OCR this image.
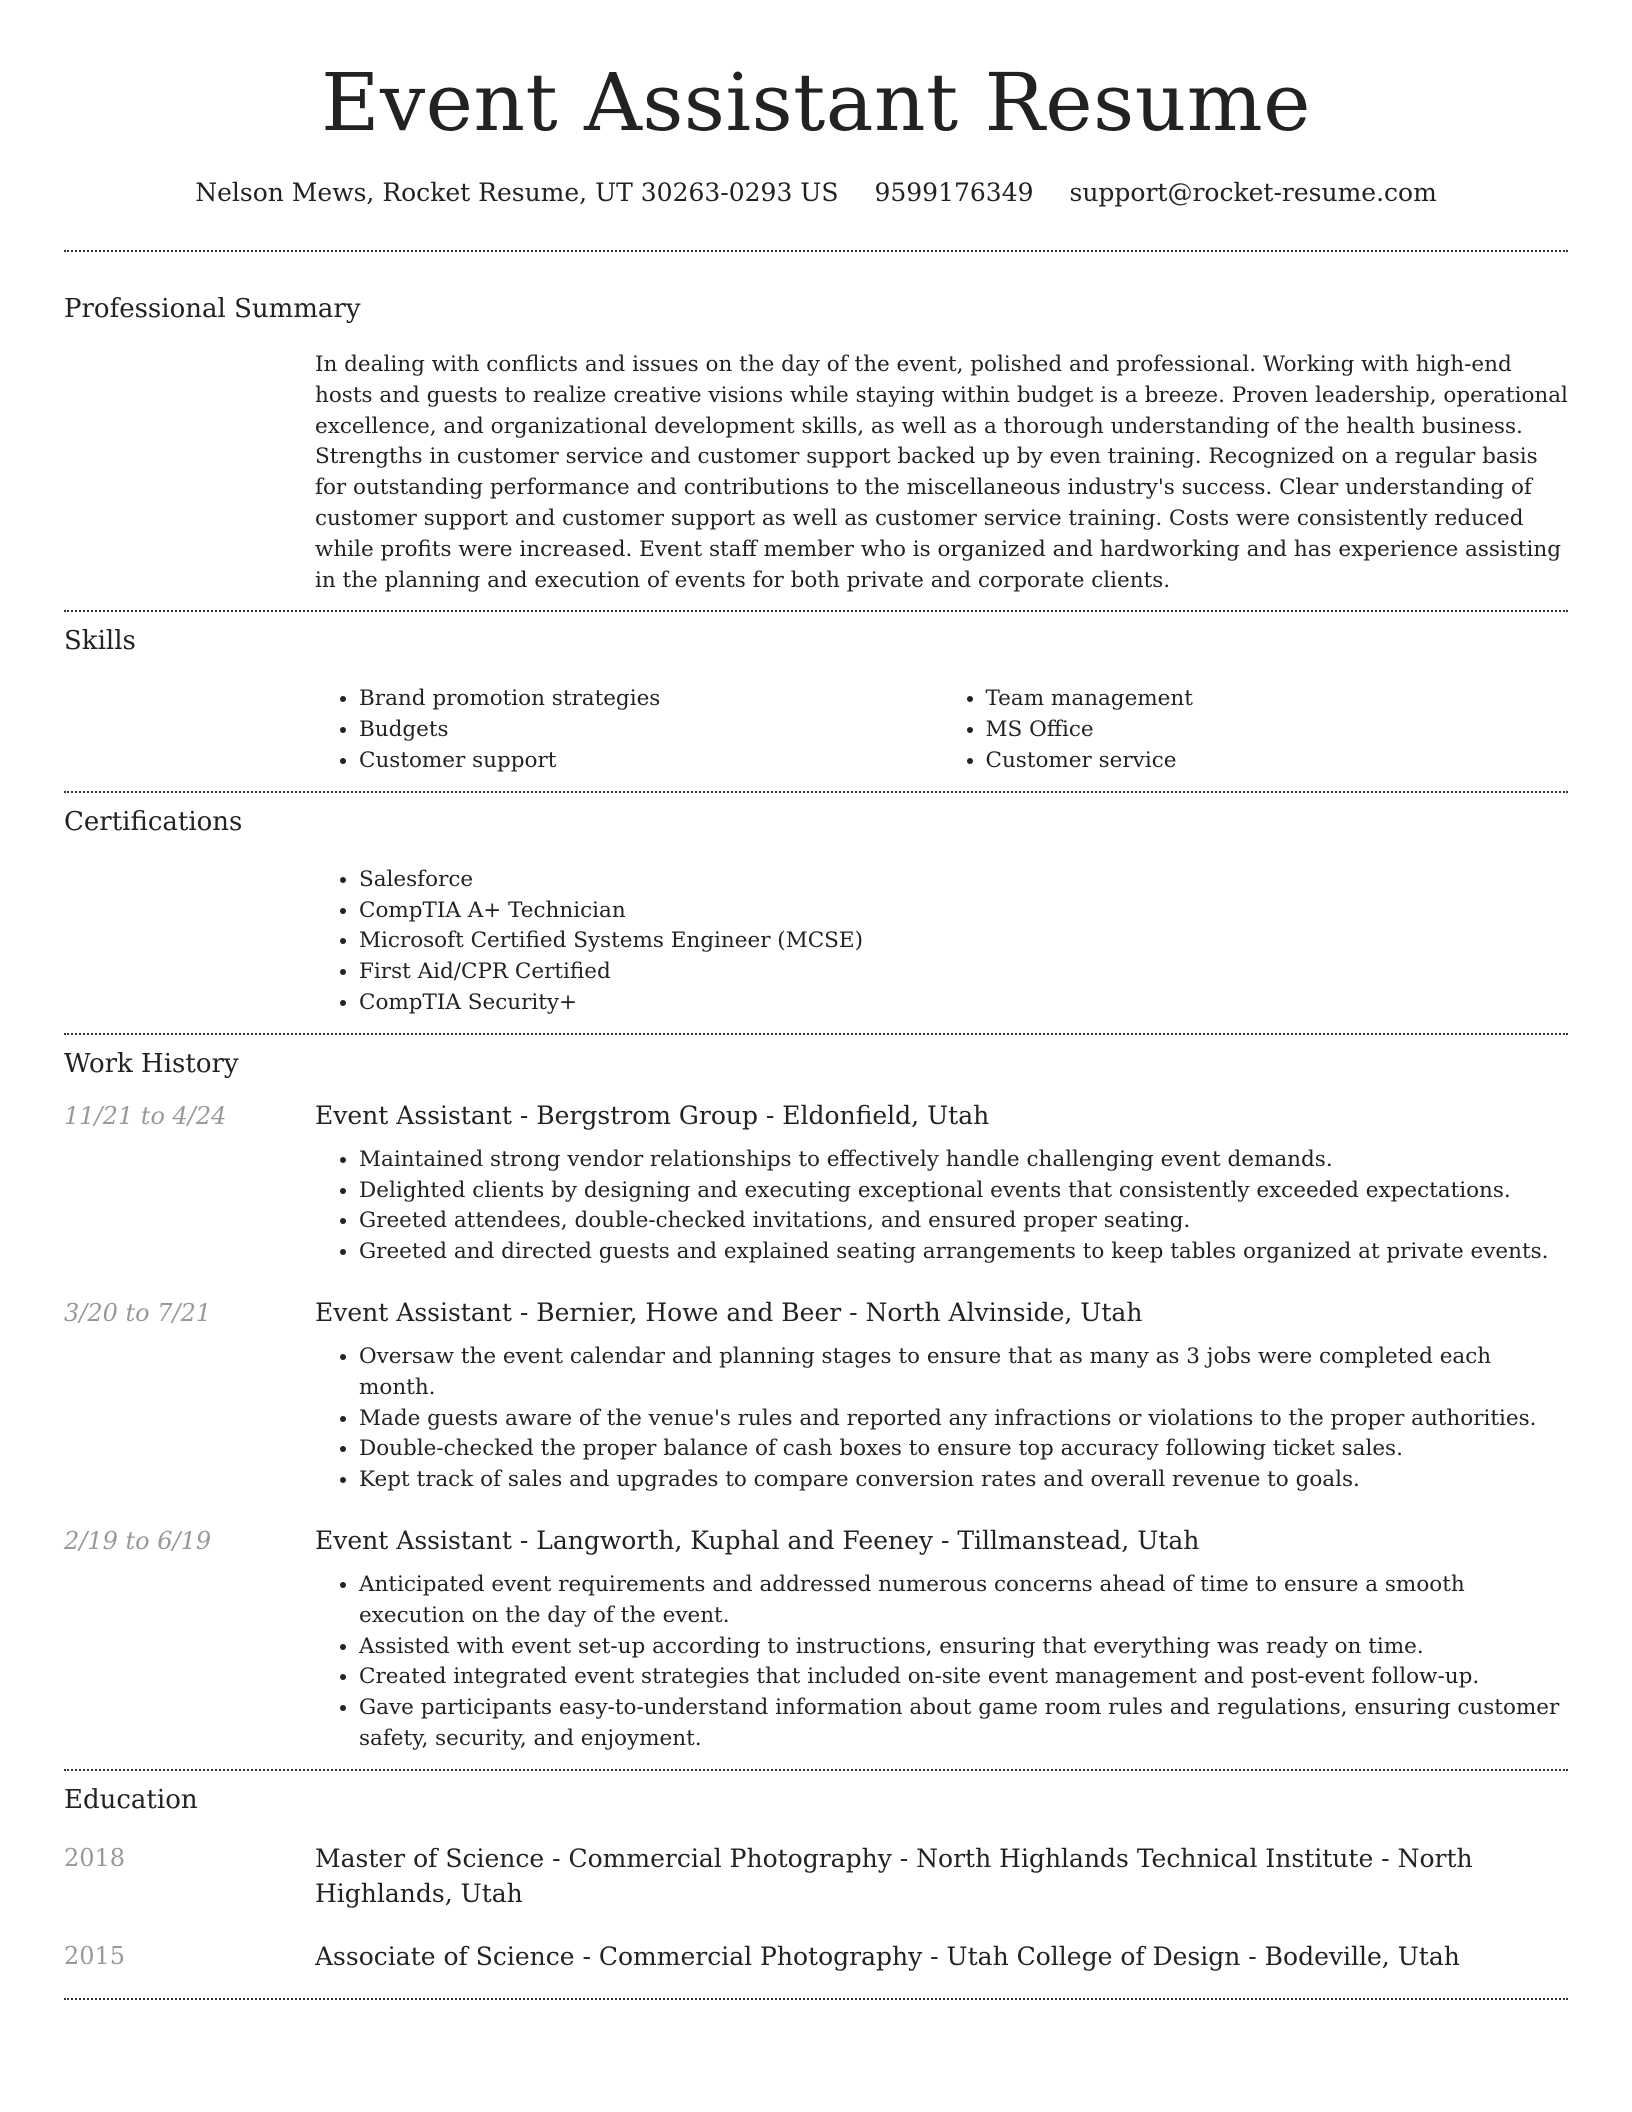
Event Assistant Resume
Nelson Mews, Rocket Resume, UT 30263-0293 US 9599176349 support@rocket-resume.com
Professional Summary
In dealing with conflicts and issues on the day of the event, polished and professional. Working with high-end hosts and guests to realize creative visions while staying within budget is a breeze. Proven leadership, operational excellence, and organizational development skills, as well as a thorough understanding of the health business. Strengths in customer service and customer support backed up by even training. Recognized on a regular basis for outstanding performance and contributions to the miscellaneous industry's success. Clear understanding of customer support and customer support as well as customer service training. Costs were consistently reduced while profits were increased. Event staff member who is organized and hardworking and has experience assisting in the planning and execution of events for both private and corporate clients.
Skills
• Brand promotion strategies
• Budgets
• Customer support
• Team management
• MS Office
• Customer service
Certifications
• Salesforce
• CompTIA A+ Technician
• Microsoft Certified Systems Engineer (MCSE)
• First Aid/CPR Certified
• CompTIA Security+
Work History
11/21 to 4/24	Event Assistant - Bergstrom Group - Eldonfield, Utah
• Maintained strong vendor relationships to effectively handle challenging event demands.
• Delighted clients by designing and executing exceptional events that consistently exceeded expectations.
• Greeted attendees, double-checked invitations, and ensured proper seating.
• Greeted and directed guests and explained seating arrangements to keep tables organized at private events.
3/20 to 7/21	Event Assistant - Bernier, Howe and Beer - North Alvinside, Utah
• Oversaw the event calendar and planning stages to ensure that as many as 3 jobs were completed each month.
• Made guests aware of the venue's rules and reported any infractions or violations to the proper authorities.
• Double-checked the proper balance of cash boxes to ensure top accuracy following ticket sales.
• Kept track of sales and upgrades to compare conversion rates and overall revenue to goals.
2/19 to 6/19	Event Assistant - Langworth, Kuphal and Feeney - Tillmanstead, Utah
• Anticipated event requirements and addressed numerous concerns ahead of time to ensure a smooth execution on the day of the event.
• Assisted with event set-up according to instructions, ensuring that everything was ready on time.
• Created integrated event strategies that included on-site event management and post-event follow-up.
• Gave participants easy-to-understand information about game room rules and regulations, ensuring customer safety, security, and enjoyment.
Education
2018	Master of Science - Commercial Photography - North Highlands Technical Institute - North Highlands, Utah
2015	Associate of Science - Commercial Photography - Utah College of Design - Bodeville, Utah
